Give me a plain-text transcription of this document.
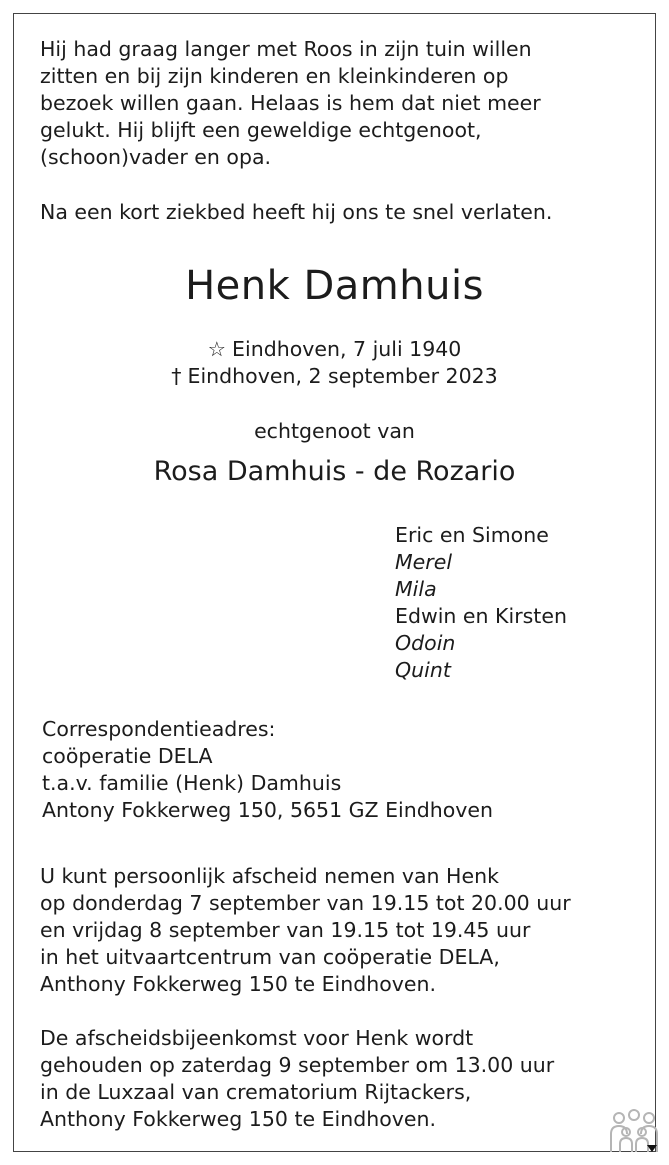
Hij had graag langer met Roos in zijn tuin willen
zitten en bij zijn kinderen en kleinkinderen op
bezoek willen gaan. Helaas is hem dat niet meer
gelukt. Hij blijft een geweldige echtgenoot,
(schoon)vader en opa.
Na een kort ziekbed heeft hij ons te snel verlaten.
Henk Damhuis
☆ Eindhoven, 7 juli 1940
† Eindhoven, 2 september 2023
echtgenoot van
Rosa Damhuis - de Rozario
Eric en Simone
Merel
Mila
Edwin en Kirsten
Odoin
Quint
Correspondentieadres:
coöperatie DELA
t.a.v. familie (Henk) Damhuis
Antony Fokkerweg 150, 5651 GZ Eindhoven
U kunt persoonlijk afscheid nemen van Henk
op donderdag 7 september van 19.15 tot 20.00 uur
en vrijdag 8 september van 19.15 tot 19.45 uur
in het uitvaartcentrum van coöperatie DELA,
Anthony Fokkerweg 150 te Eindhoven.
De afscheidsbijeenkomst voor Henk wordt
gehouden op zaterdag 9 september om 13.00 uur
in de Luxzaal van crematorium Rijtackers,
Anthony Fokkerweg 150 te Eindhoven.
